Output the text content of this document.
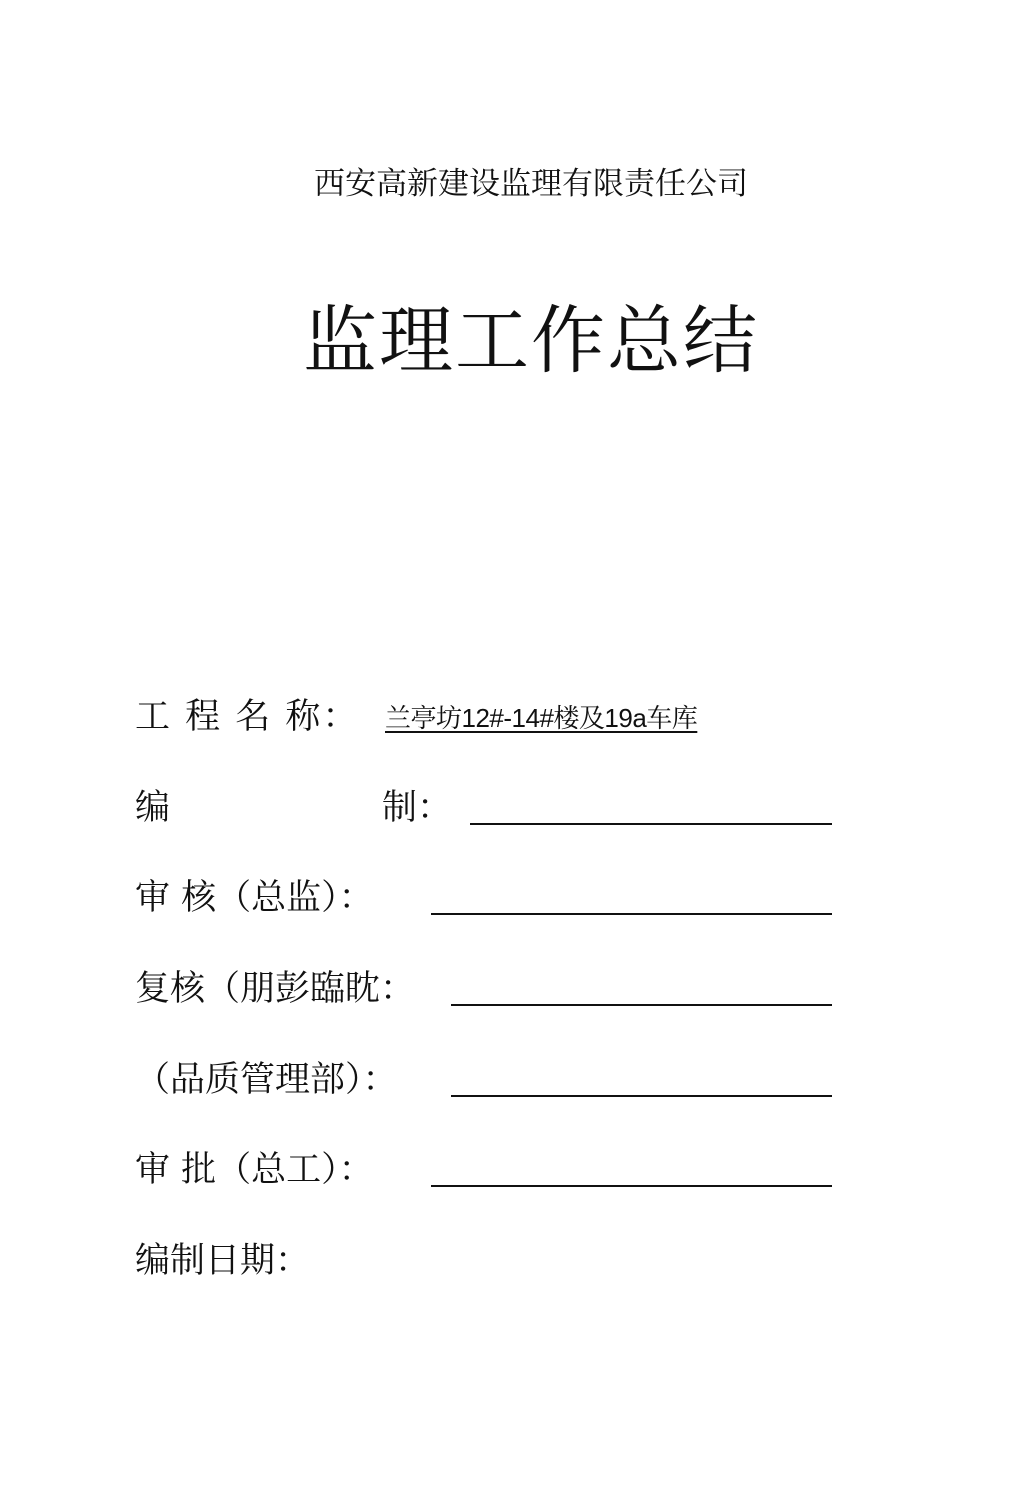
西安高新建设监理有限责任公司
监理工作总结
工 程 名 称： 兰亭坊12#-14#楼及19a车库
编	制：
审 核（总监）：
复核（朋彭臨眈：
（品质管理部）：
审 批（总工）：
编制日期：
